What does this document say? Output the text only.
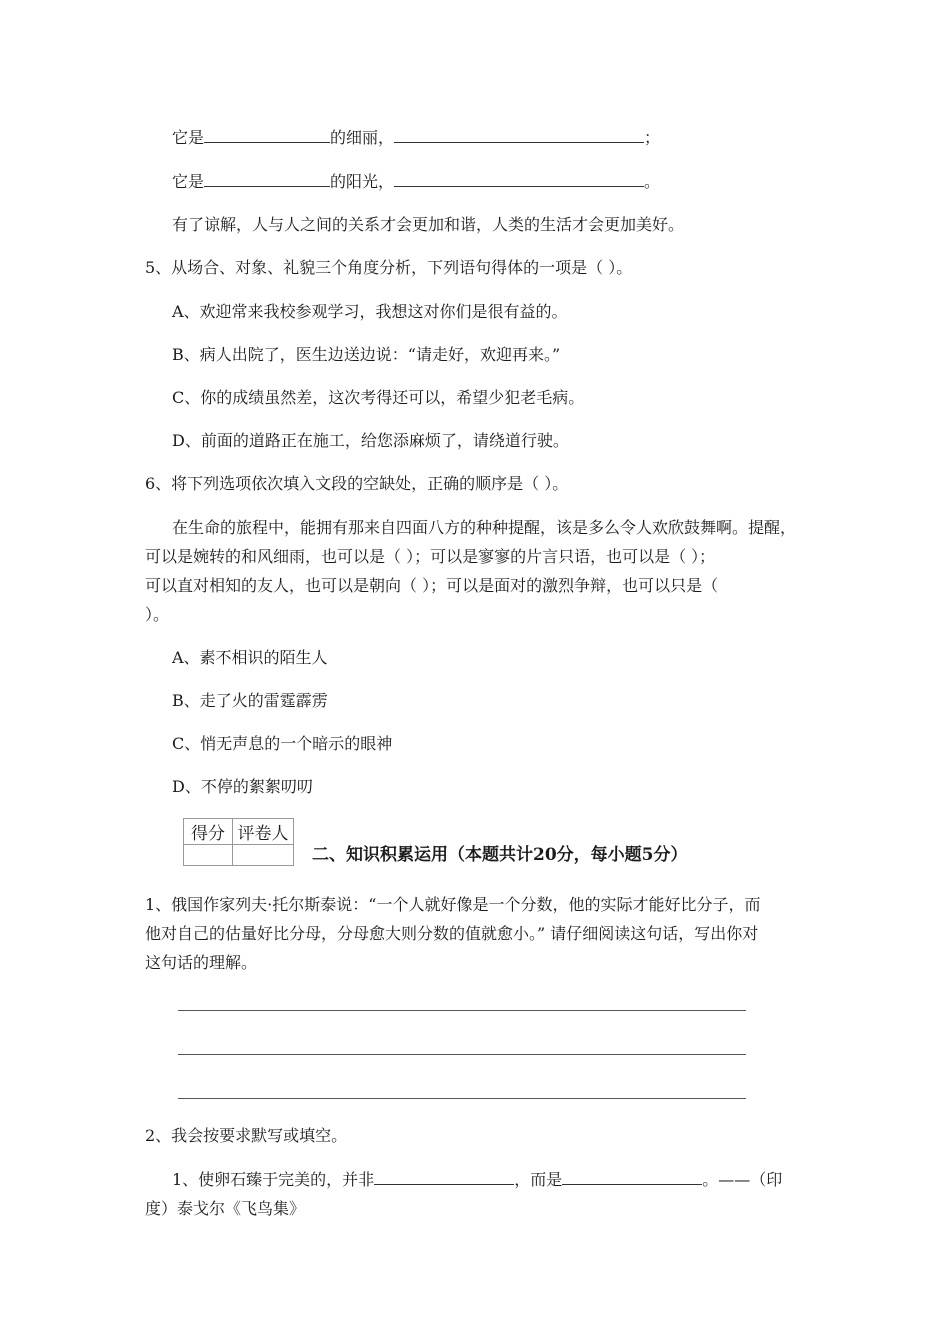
它是	的细丽，	；
它是	的阳光，	。
有了谅解，人与人之间的关系才会更加和谐，人类的生活才会更加美好。
5、从场合、对象、礼貌三个角度分析，下列语句得体的一项是（ ）。
A、欢迎常来我校参观学习，我想这对你们是很有益的。
B、病人出院了，医生边送边说：“请走好，欢迎再来。”
C、你的成绩虽然差，这次考得还可以，希望少犯老毛病。
D、前面的道路正在施工，给您添麻烦了，请绕道行驶。
6、将下列选项依次填入文段的空缺处，正确的顺序是（ ）。
在生命的旅程中，能拥有那来自四面八方的种种提醒，该是多么令人欢欣鼓舞啊。提醒，
可以是婉转的和风细雨，也可以是（ ）；可以是寥寥的片言只语，也可以是（ ）；
可以直对相知的友人，也可以是朝向（ ）；可以是面对的激烈争辩，也可以只是（
）。
A、素不相识的陌生人
B、走了火的雷霆霹雳
C、悄无声息的一个暗示的眼神
D、不停的絮絮叨叨
得分	评卷人

二、知识积累运用（本题共计20分，每小题5分）
1、俄国作家列夫·托尔斯泰说：“一个人就好像是一个分数，他的实际才能好比分子，而
他对自己的估量好比分母，分母愈大则分数的值就愈小。” 请仔细阅读这句话，写出你对
这句话的理解。
2、我会按要求默写或填空。
1、使卵石臻于完美的，并非	，而是	。——（印
度）泰戈尔《飞鸟集》
